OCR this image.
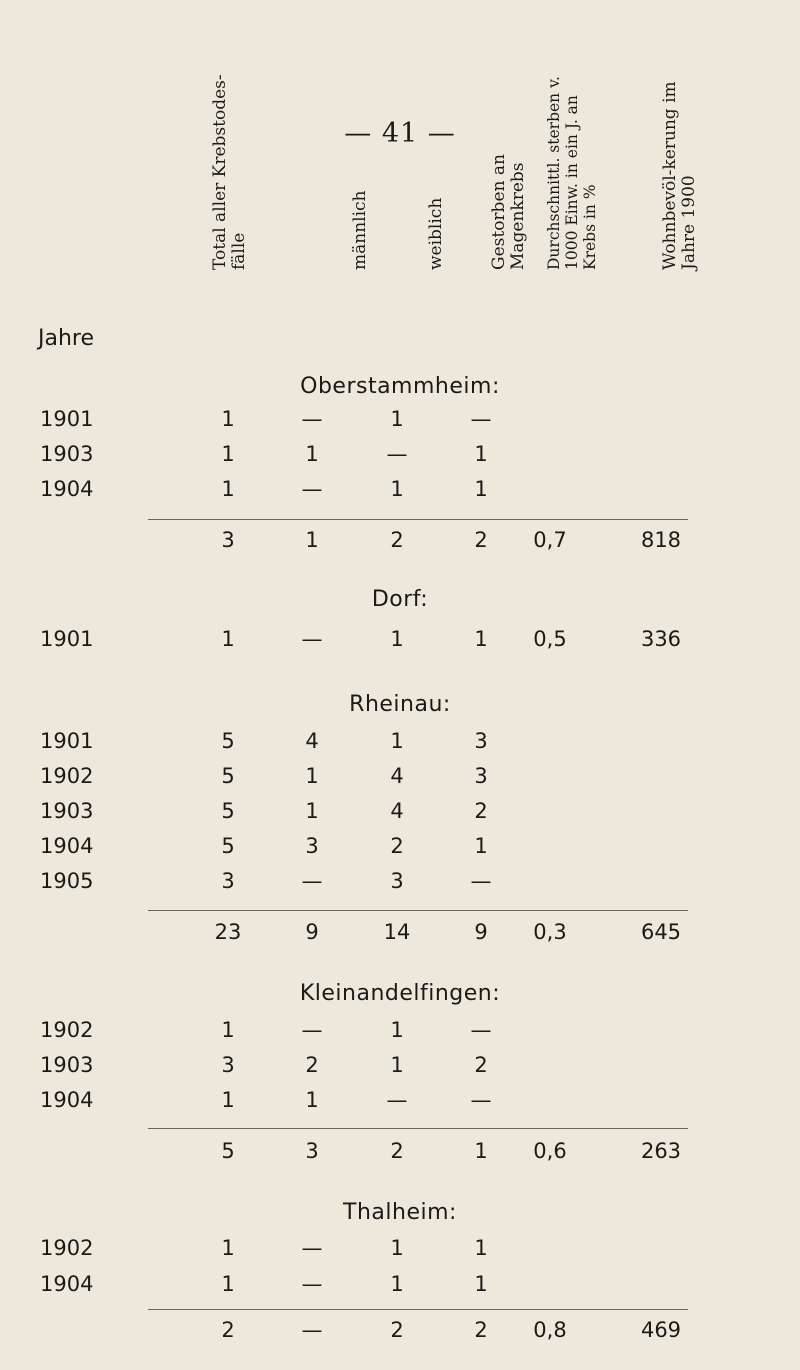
— 41 —
Total aller Krebstodes-fälle	männlich	weiblich	Gestorben an Magenkrebs	Durchschnittl. sterben v. 1000 Einw. in ein J. an Krebs in %	Wohnbevöl-kerung im Jahre 1900
Jahre
Oberstammheim:
1901	1	—	1	—
1903	1	1	—	1
1904	1	—	1	1
3	1	2	2	0,7	818
Dorf:
1901	1	—	1	1	0,5	336
Rheinau:
1901	5	4	1	3
1902	5	1	4	3
1903	5	1	4	2
1904	5	3	2	1
1905	3	—	3	—
23	9	14	9	0,3	645
Kleinandelfingen:
1902	1	—	1	—
1903	3	2	1	2
1904	1	1	—	—
5	3	2	1	0,6	263
Thalheim:
1902	1	—	1	1
1904	1	—	1	1
2	—	2	2	0,8	469
